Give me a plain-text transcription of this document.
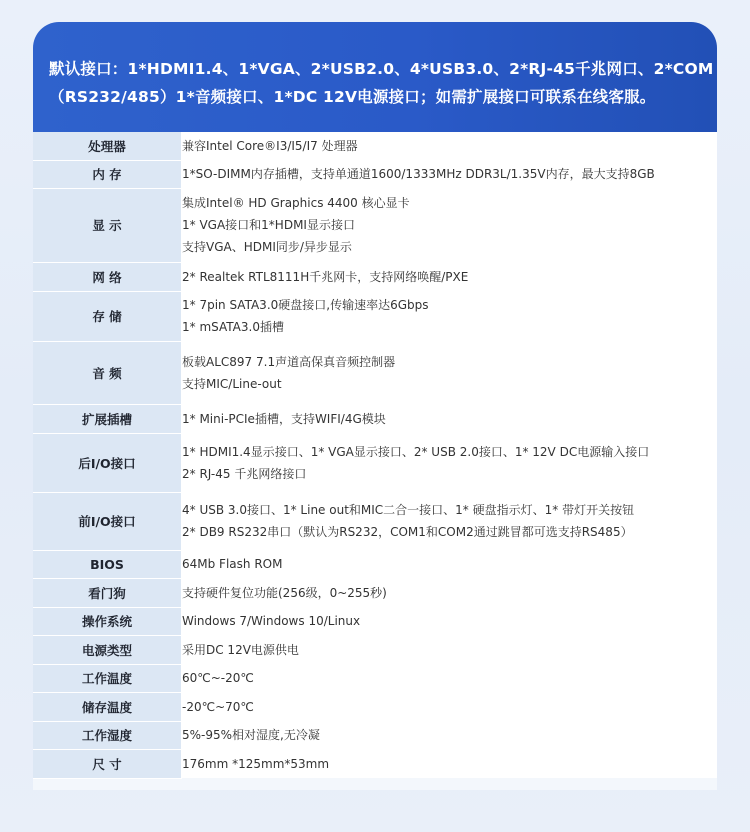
默认接口：1*HDMI1.4、1*VGA、2*USB2.0、4*USB3.0、2*RJ-45千兆网口、2*COM
（RS232/485）1*音频接口、1*DC 12V电源接口；如需扩展接口可联系在线客服。
处理器	兼容Intel Core®I3/I5/I7 处理器

内 存	1*SO-DIMM内存插槽，支持单通道1600/1333MHz DDR3L/1.35V内存，最大支持8GB

显 示	集成Intel® HD Graphics 4400 核心显卡
1* VGA接口和1*HDMI显示接口
支持VGA、HDMI同步/异步显示

网 络	2* Realtek RTL8111H千兆网卡，支持网络唤醒/PXE

存 储	1* 7pin SATA3.0硬盘接口,传输速率达6Gbps
1* mSATA3.0插槽

音 频	板载ALC897 7.1声道高保真音频控制器
支持MIC/Line-out

扩展插槽	1* Mini-PCIe插槽，支持WIFI/4G模块

后I/O接口	1* HDMI1.4显示接口、1* VGA显示接口、2* USB 2.0接口、1* 12V DC电源输入接口
2* RJ-45 千兆网络接口

前I/O接口	4* USB 3.0接口、1* Line out和MIC二合一接口、1* 硬盘指示灯、1* 带灯开关按钮
2* DB9 RS232串口（默认为RS232，COM1和COM2通过跳冒都可选支持RS485）

BIOS	64Mb Flash ROM

看门狗	支持硬件复位功能(256级，0~255秒)

操作系统	Windows 7/Windows 10/Linux

电源类型	采用DC 12V电源供电

工作温度	60℃~-20℃

储存温度	-20℃~70℃

工作湿度	5%-95%相对湿度,无冷凝

尺 寸	176mm *125mm*53mm
